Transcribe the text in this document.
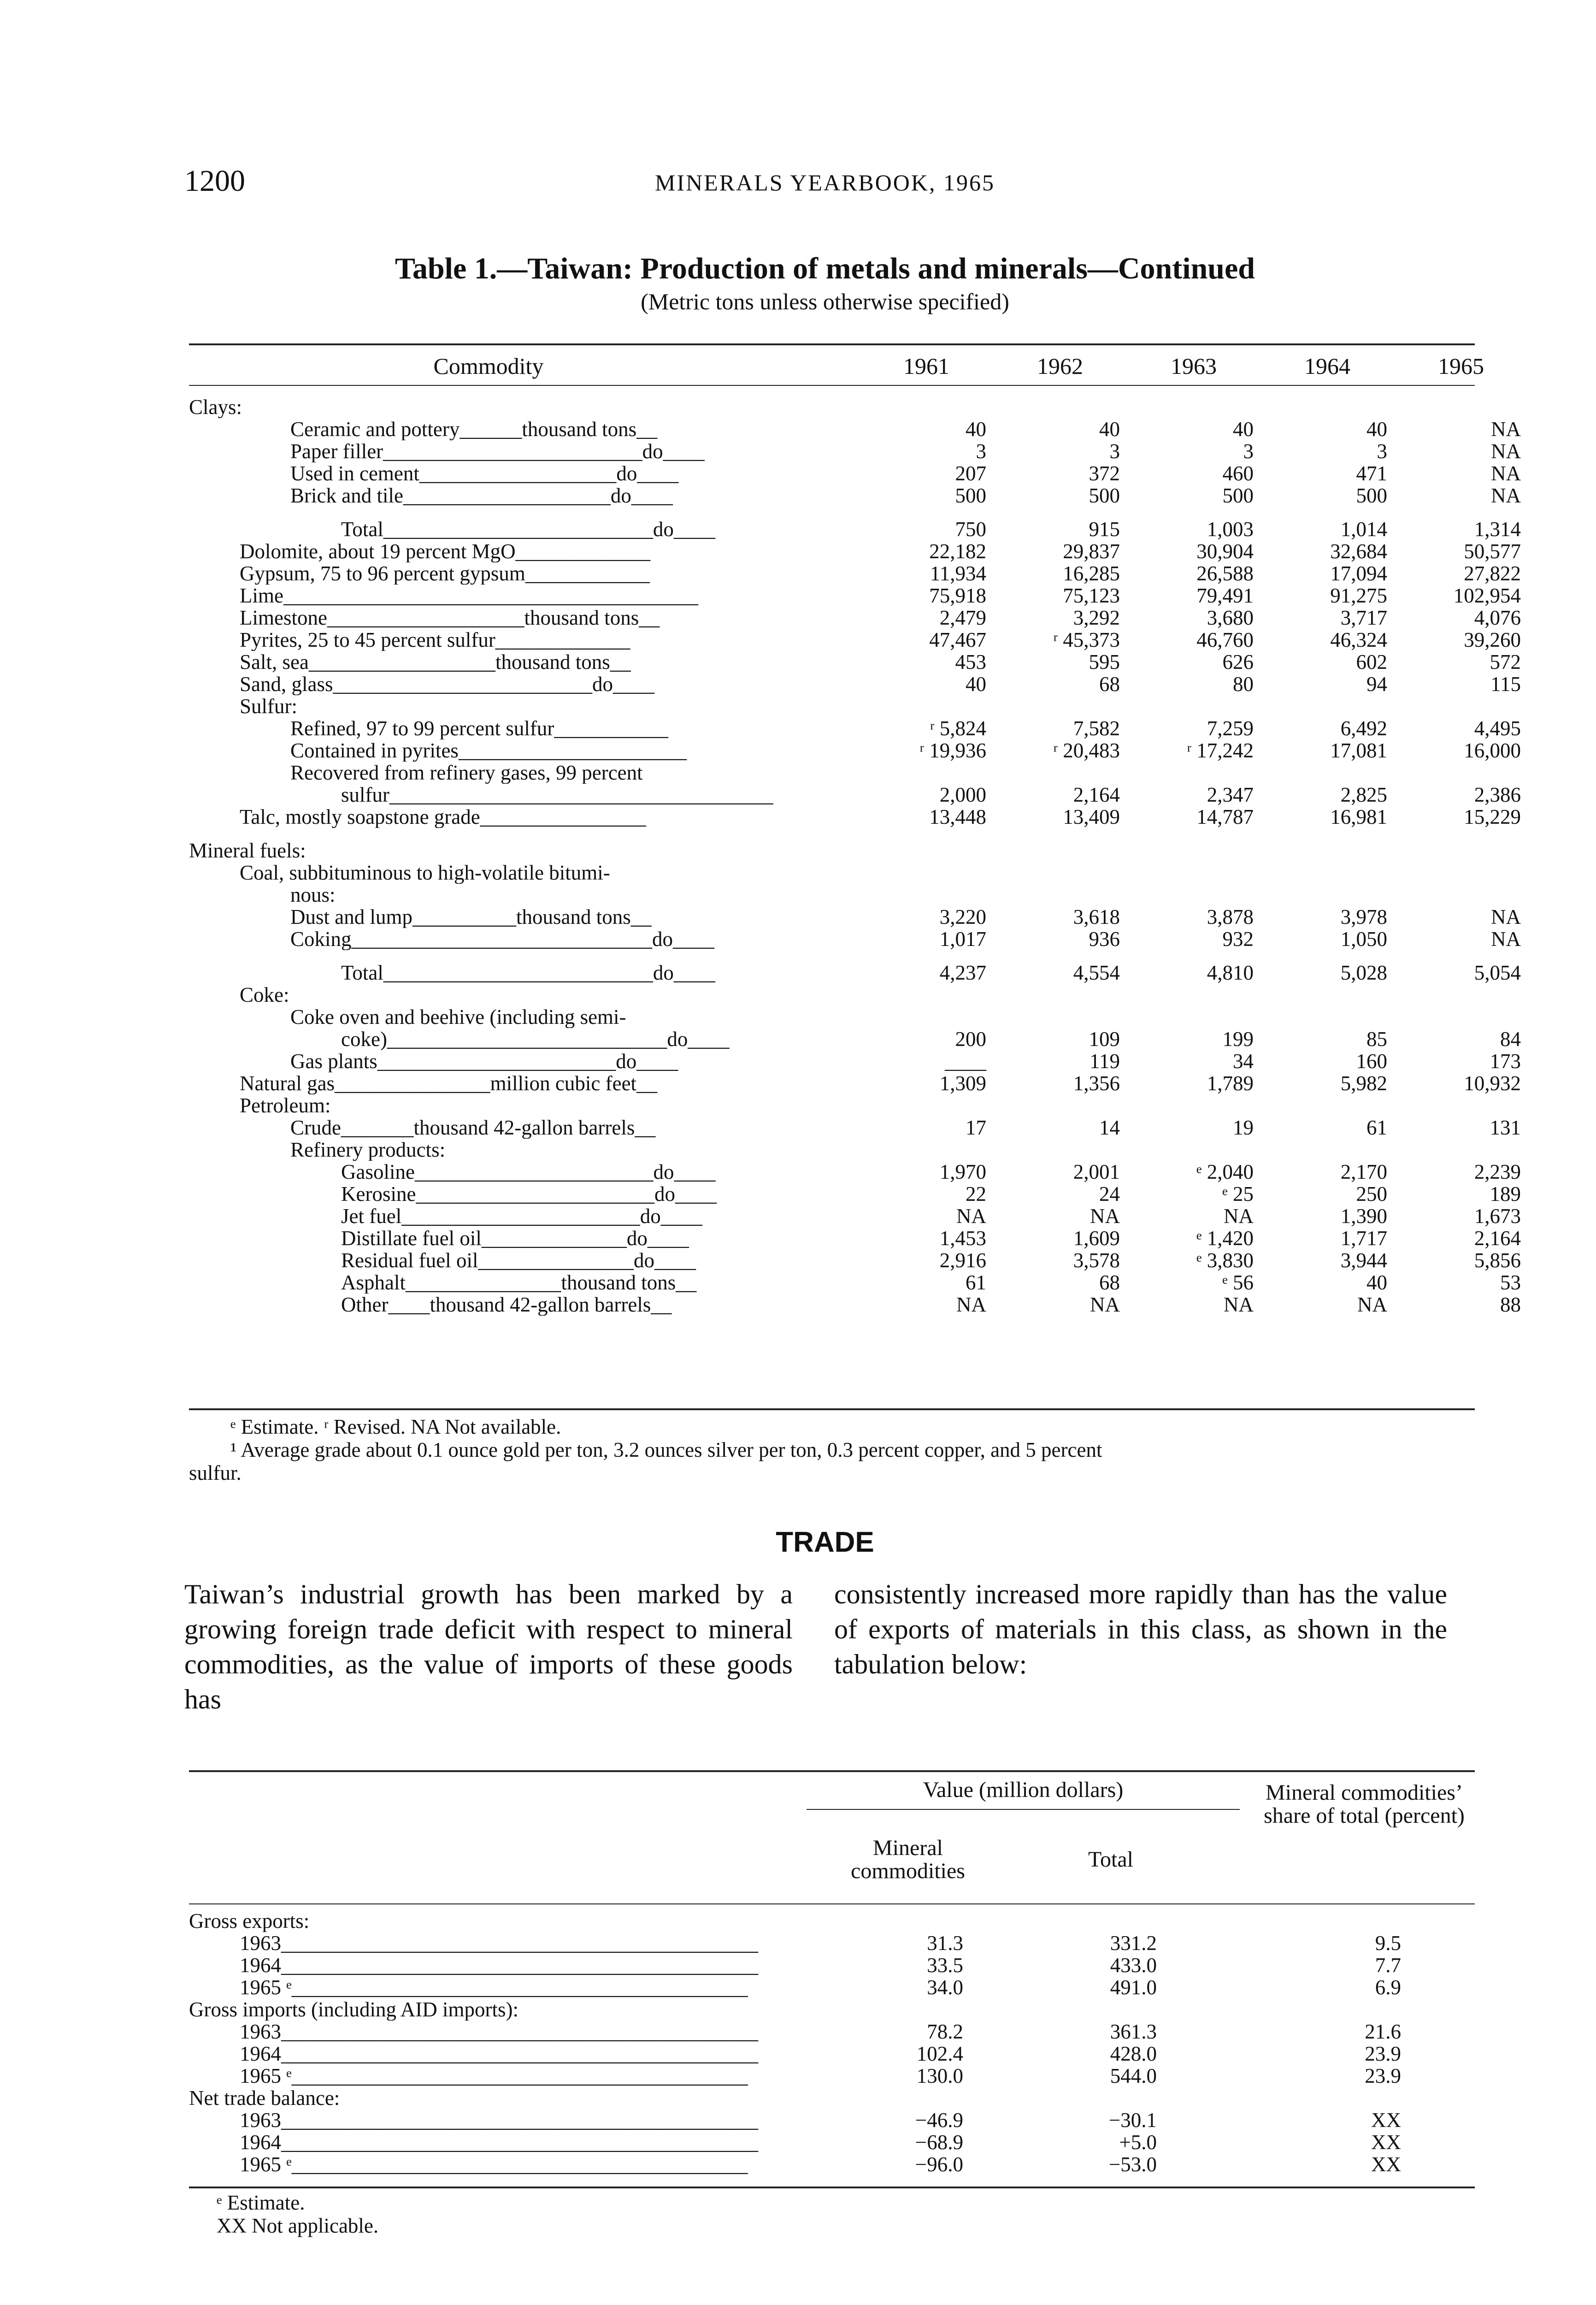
1200	MINERALS YEARBOOK, 1965
Table 1.—Taiwan: Production of metals and minerals—Continued
(Metric tons unless otherwise specified)
Commodity	1961	1962	1963	1964	1965
Clays:
Ceramic and pottery______thousand tons__	40	40	40	40	NA
Paper filler_________________________do____	3	3	3	3	NA
Used in cement___________________do____	207	372	460	471	NA
Brick and tile____________________do____	500	500	500	500	NA
Total__________________________do____	750	915	1,003	1,014	1,314
Dolomite, about 19 percent MgO_____________	22,182	29,837	30,904	32,684	50,577
Gypsum, 75 to 96 percent gypsum____________	11,934	16,285	26,588	17,094	27,822
Lime________________________________________	75,918	75,123	79,491	91,275	102,954
Limestone___________________thousand tons__	2,479	3,292	3,680	3,717	4,076
Pyrites, 25 to 45 percent sulfur_____________	47,467	ʳ 45,373	46,760	46,324	39,260
Salt, sea__________________thousand tons__	453	595	626	602	572
Sand, glass_________________________do____	40	68	80	94	115
Sulfur:
Refined, 97 to 99 percent sulfur___________	ʳ 5,824	7,582	7,259	6,492	4,495
Contained in pyrites______________________	ʳ 19,936	ʳ 20,483	ʳ 17,242	17,081	16,000
Recovered from refinery gases, 99 percent
sulfur_____________________________________	2,000	2,164	2,347	2,825	2,386
Talc, mostly soapstone grade________________	13,448	13,409	14,787	16,981	15,229
Mineral fuels:
Coal, subbituminous to high-volatile bitumi-
nous:
Dust and lump__________thousand tons__	3,220	3,618	3,878	3,978	NA
Coking_____________________________do____	1,017	936	932	1,050	NA
Total__________________________do____	4,237	4,554	4,810	5,028	5,054
Coke:
Coke oven and beehive (including semi-
coke)___________________________do____	200	109	199	85	84
Gas plants_______________________do____	____	119	34	160	173
Natural gas_______________million cubic feet__	1,309	1,356	1,789	5,982	10,932
Petroleum:
Crude_______thousand 42-gallon barrels__	17	14	19	61	131
Refinery products:
Gasoline_______________________do____	1,970	2,001	ᵉ 2,040	2,170	2,239
Kerosine_______________________do____	22	24	ᵉ 25	250	189
Jet fuel_______________________do____	NA	NA	NA	1,390	1,673
Distillate fuel oil______________do____	1,453	1,609	ᵉ 1,420	1,717	2,164
Residual fuel oil_______________do____	2,916	3,578	ᵉ 3,830	3,944	5,856
Asphalt_______________thousand tons__	61	68	ᵉ 56	40	53
Other____thousand 42-gallon barrels__	NA	NA	NA	NA	88
ᵉ Estimate. ʳ Revised. NA Not available.
¹ Average grade about 0.1 ounce gold per ton, 3.2 ounces silver per ton, 0.3 percent copper, and 5 percent
sulfur.
TRADE
Taiwan’s industrial growth has been marked by a growing foreign trade deficit with respect to mineral commodities, as the value of imports of these goods has
consistently increased more rapidly than has the value of exports of materials in this class, as shown in the tabulation below:
Value (million dollars)
Mineral commodities	Total
Mineral commodities’ share of total (percent)
Gross exports:
1963______________________________________________	31.3	331.2	9.5
1964______________________________________________	33.5	433.0	7.7
1965 ᵉ____________________________________________	34.0	491.0	6.9
Gross imports (including AID imports):
1963______________________________________________	78.2	361.3	21.6
1964______________________________________________	102.4	428.0	23.9
1965 ᵉ____________________________________________	130.0	544.0	23.9
Net trade balance:
1963______________________________________________	−46.9	−30.1	XX
1964______________________________________________	−68.9	+5.0	XX
1965 ᵉ____________________________________________	−96.0	−53.0	XX
ᵉ Estimate.
XX Not applicable.
